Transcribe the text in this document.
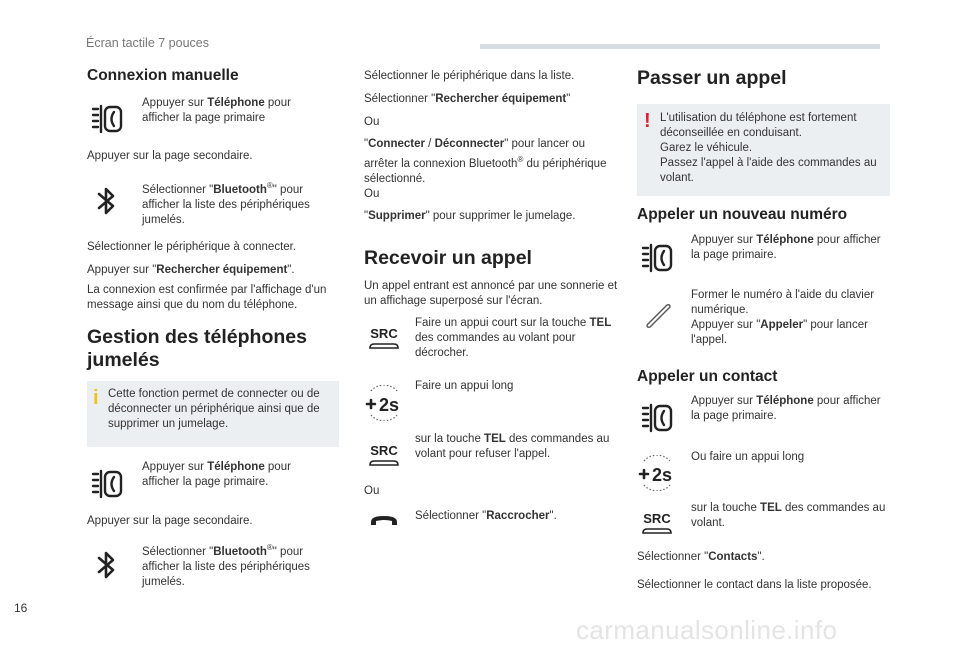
Écran tactile 7 pouces
Connexion manuelle

Appuyer sur Téléphone pour afficher la page primaire

Appuyer sur la page secondaire.

Sélectionner "Bluetooth®" pour afficher la liste des périphériques jumelés.

Sélectionner le périphérique à connecter.

Appuyer sur "Rechercher équipement".

La connexion est confirmée par l'affichage d'un message ainsi que du nom du téléphone.

Gestion des téléphones jumelés
i Cette fonction permet de connecter ou de déconnecter un périphérique ainsi que de supprimer un jumelage.

Appuyer sur Téléphone pour afficher la page primaire.

Appuyer sur la page secondaire.

Sélectionner "Bluetooth®" pour afficher la liste des périphériques jumelés.

Sélectionner le périphérique dans la liste.

Sélectionner "Rechercher équipement"

Ou

"Connecter / Déconnecter" pour lancer ou arrêter la connexion Bluetooth® du périphérique sélectionné.

Ou

"Supprimer" pour supprimer le jumelage.

Recevoir un appel

Un appel entrant est annoncé par une sonnerie et un affichage superposé sur l'écran.

SRC

Faire un appui court sur la touche TEL des commandes au volant pour décrocher.

2s

Faire un appui long

SRC

sur la touche TEL des commandes au volant pour refuser l'appel.

Ou

Sélectionner "Raccrocher".

Passer un appel
! L'utilisation du téléphone est fortement déconseillée en conduisant.
Garez le véhicule.
Passez l'appel à l'aide des commandes au volant.

Appeler un nouveau numéro

Appuyer sur Téléphone pour afficher la page primaire.

Former le numéro à l'aide du clavier numérique.
Appuyer sur "Appeler" pour lancer l'appel.

Appeler un contact

Appuyer sur Téléphone pour afficher la page primaire.

2s

Ou faire un appui long

SRC

sur la touche TEL des commandes au volant.

Sélectionner "Contacts".

Sélectionner le contact dans la liste proposée.

16
carmanualsonline.info
